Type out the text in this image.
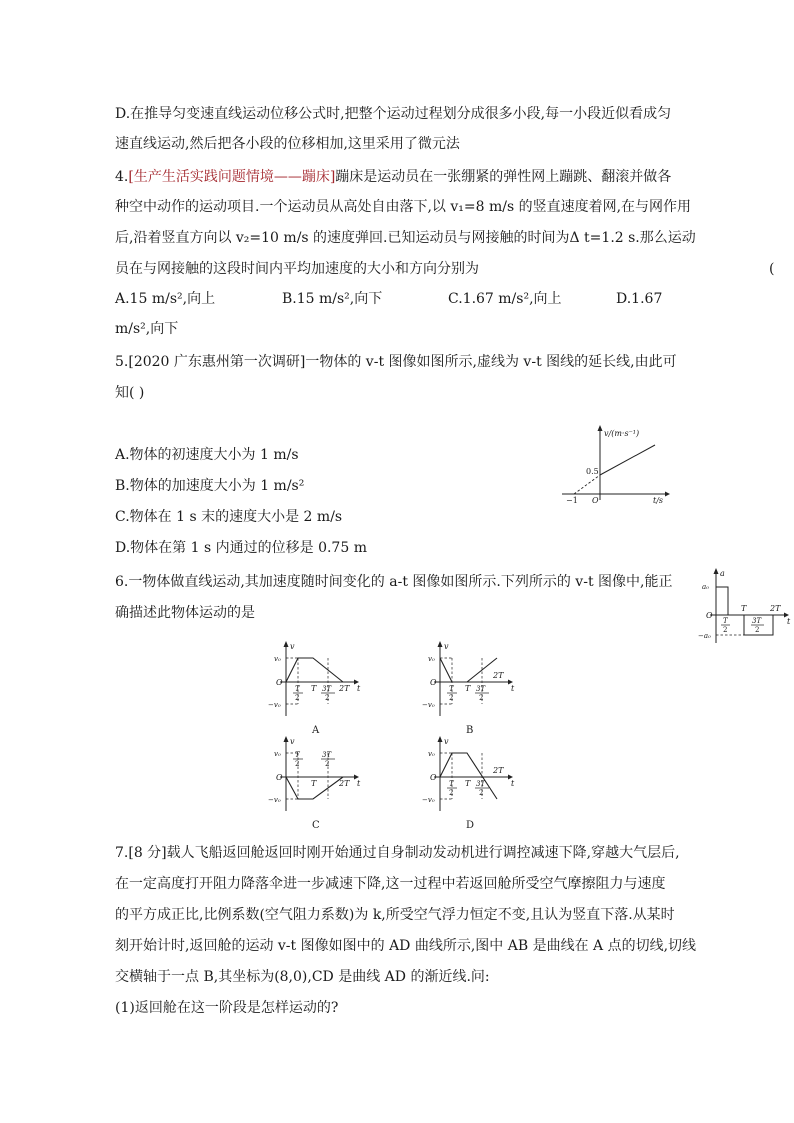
D.在推导匀变速直线运动位移公式时,把整个运动过程划分成很多小段,每一小段近似看成匀
速直线运动,然后把各小段的位移相加,这里采用了微元法
4.[生产生活实践问题情境——蹦床]蹦床是运动员在一张绷紧的弹性网上蹦跳、翻滚并做各
种空中动作的运动项目.一个运动员从高处自由落下,以 v₁=8 m/s 的竖直速度着网,在与网作用
后,沿着竖直方向以 v₂=10 m/s 的速度弹回.已知运动员与网接触的时间为Δ t=1.2 s.那么运动
员在与网接触的这段时间内平均加速度的大小和方向分别为	(
A.15 m/s²,向上	B.15 m/s²,向下	C.1.67 m/s²,向上	D.1.67
m/s²,向下
5.[2020 广东惠州第一次调研]一物体的 v-t 图像如图所示,虚线为 v-t 图线的延长线,由此可
知( )
A.物体的初速度大小为 1 m/s
B.物体的加速度大小为 1 m/s²
C.物体在 1 s 末的速度大小是 2 m/s
D.物体在第 1 s 内通过的位移是 0.75 m
v/(m·s⁻¹)
t/s
0.5
−1 O
6.一物体做直线运动,其加速度随时间变化的 a-t 图像如图所示.下列所示的 v-t 图像中,能正
确描述此物体运动的是
a
t
a₀
−a₀
O
T	2T
T
2
3T
2
v
t
O
v₀
−v₀
T
2
3T
2
T	2T
A
v
t
O
v₀
−v₀
T
2
3T
2
T
2T
B
v
t
O
v₀
−v₀
T
2
3T
2
T	2T
C
v
t
O
v₀
−v₀
T
2
3T
2
T
2T
D
7.[8 分]载人飞船返回舱返回时刚开始通过自身制动发动机进行调控减速下降,穿越大气层后,
在一定高度打开阻力降落伞进一步减速下降,这一过程中若返回舱所受空气摩擦阻力与速度
的平方成正比,比例系数(空气阻力系数)为 k,所受空气浮力恒定不变,且认为竖直下落.从某时
刻开始计时,返回舱的运动 v-t 图像如图中的 AD 曲线所示,图中 AB 是曲线在 A 点的切线,切线
交横轴于一点 B,其坐标为(8,0),CD 是曲线 AD 的渐近线.问:
(1)返回舱在这一阶段是怎样运动的?
